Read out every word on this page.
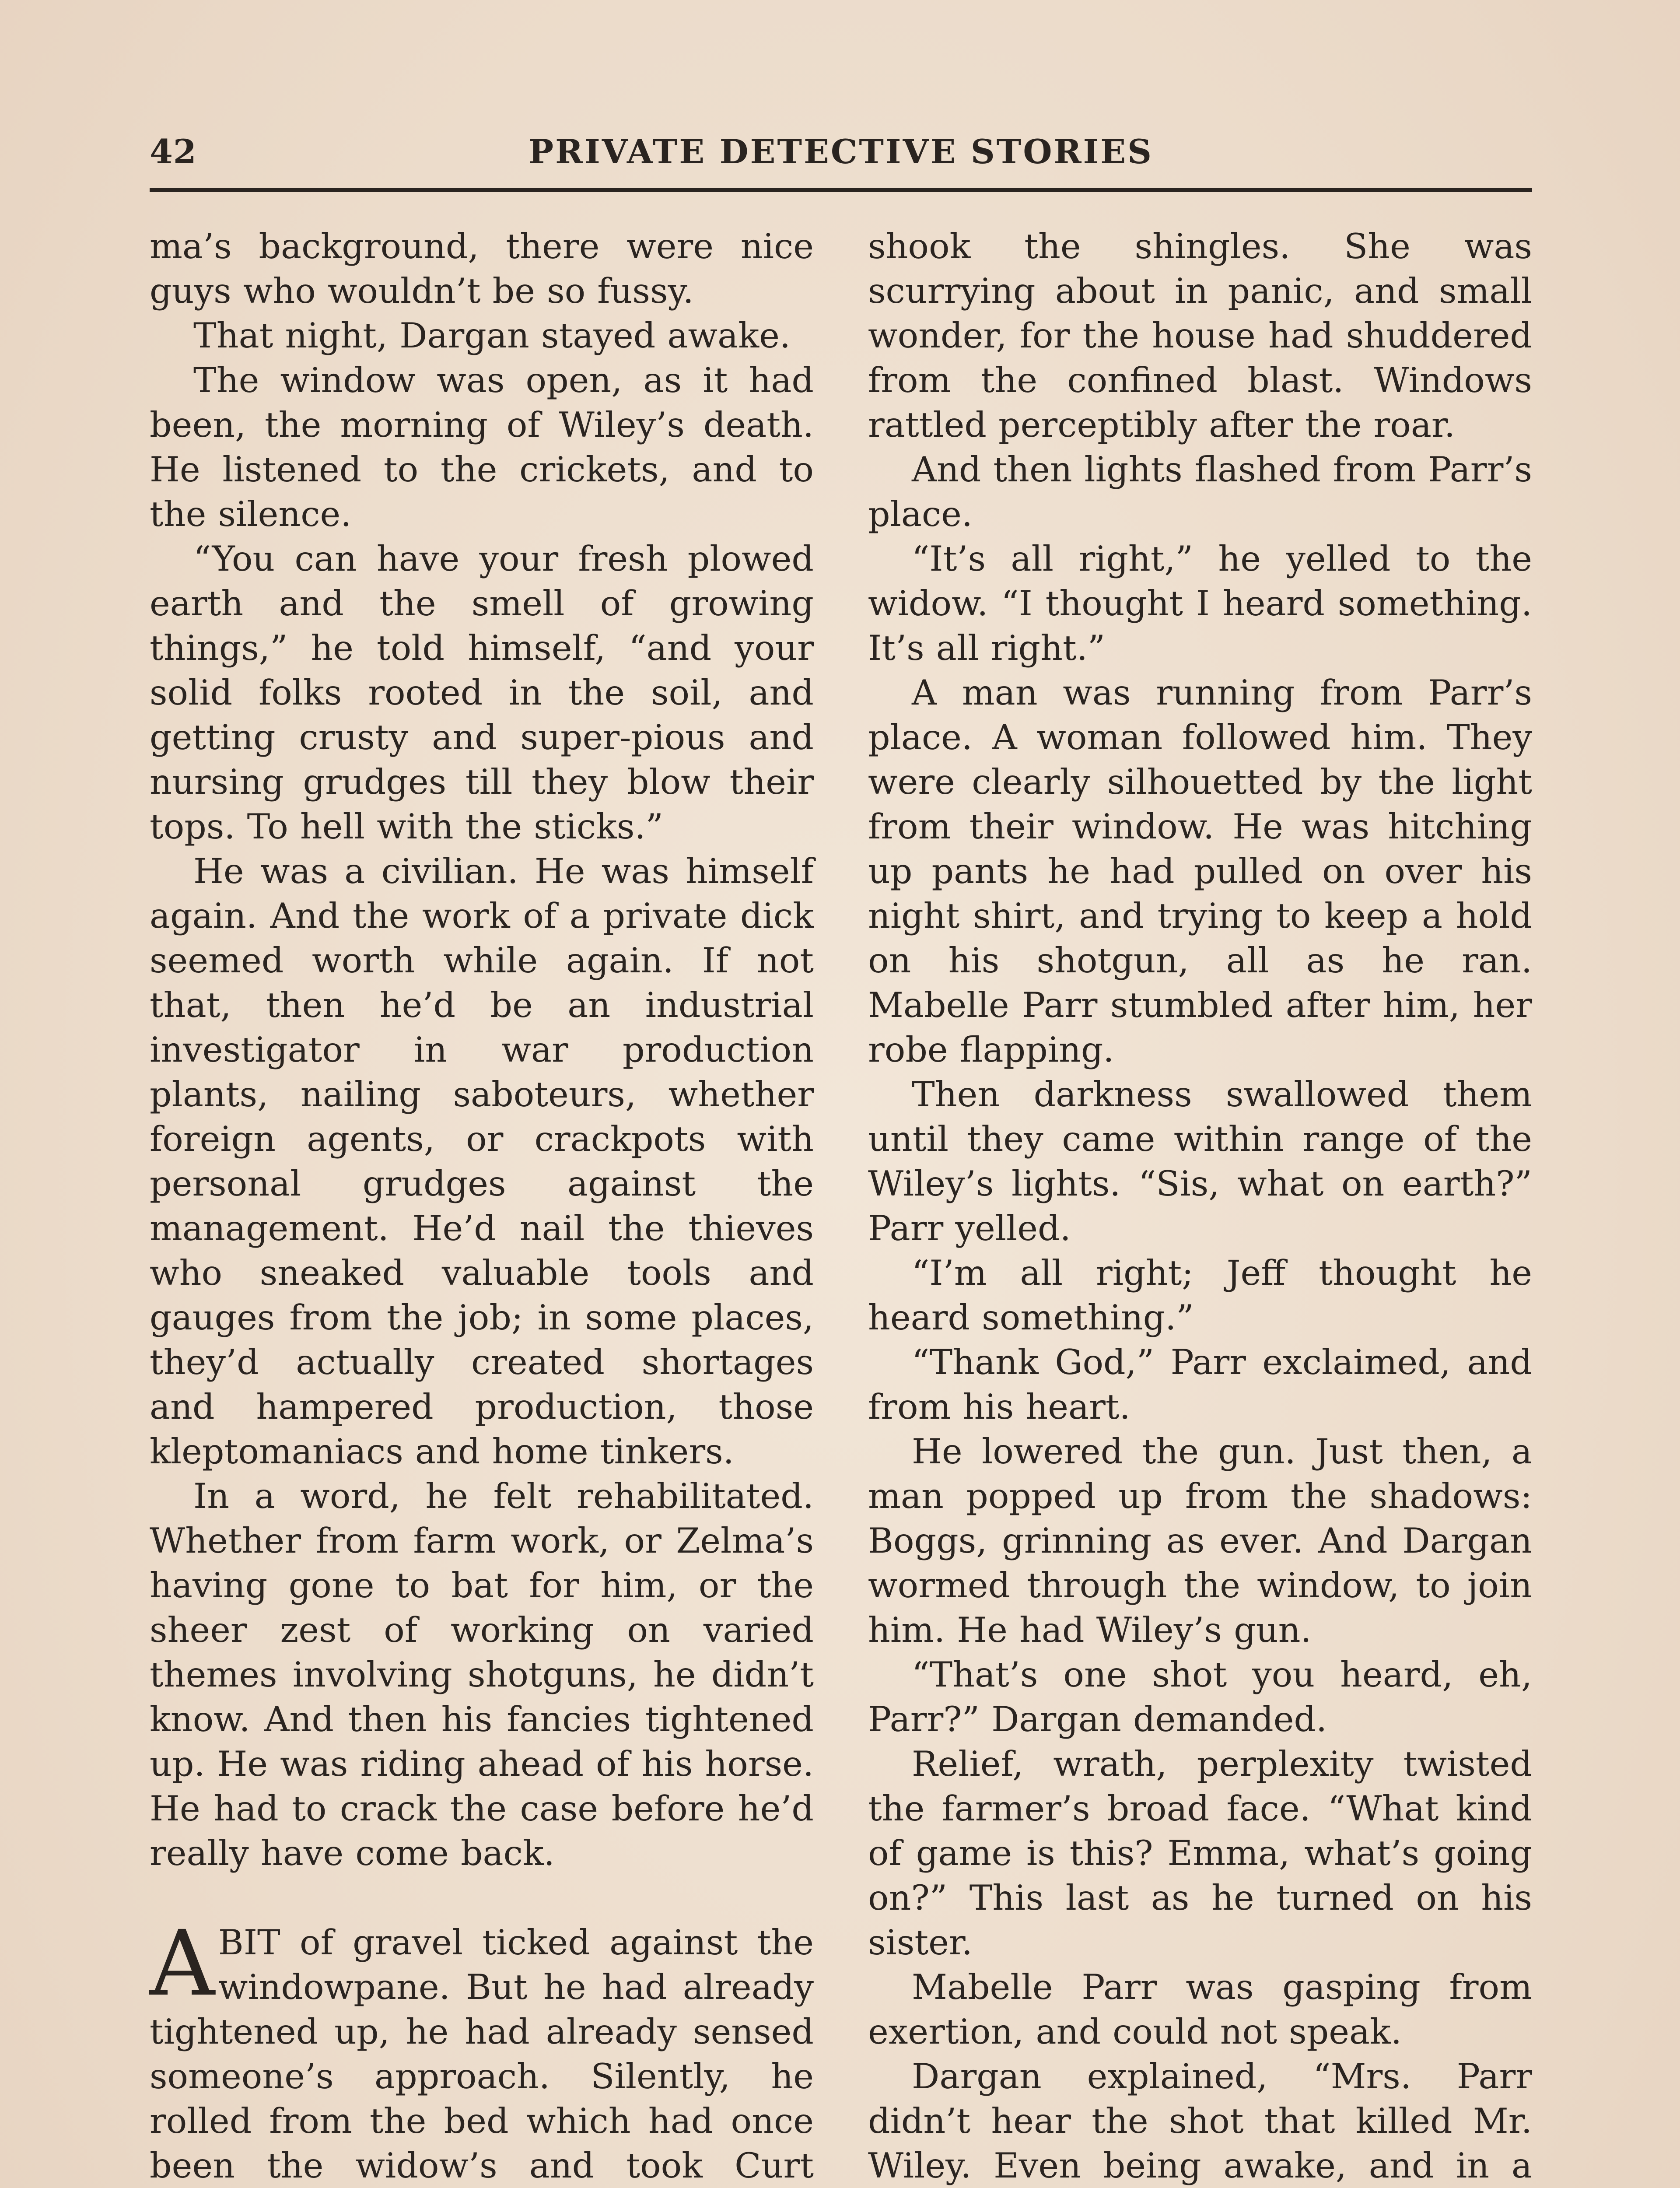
42	PRIVATE DETECTIVE STORIES

ma’s background, there were nice guys who wouldn’t be so fussy.

That night, Dargan stayed awake.

The window was open, as it had been, the morning of Wiley’s death. He listened to the crickets, and to the silence.

“You can have your fresh plowed earth and the smell of growing things,” he told himself, “and your solid folks rooted in the soil, and getting crusty and super-pious and nursing grudges till they blow their tops. To hell with the sticks.”

He was a civilian. He was himself again. And the work of a private dick seemed worth while again. If not that, then he’d be an industrial investigator in war production plants, nailing saboteurs, whether foreign agents, or crackpots with personal grudges against the management. He’d nail the thieves who sneaked valuable tools and gauges from the job; in some places, they’d actually created shortages and hampered production, those kleptomaniacs and home tinkers.

In a word, he felt rehabilitated. Whether from farm work, or Zelma’s having gone to bat for him, or the sheer zest of working on varied themes involving shotguns, he didn’t know. And then his fancies tightened up. He was riding ahead of his horse. He had to crack the case before he’d really have come back.

ABIT of gravel ticked against the windowpane. But he had already tightened up, he had already sensed someone’s approach. Silently, he rolled from the bed which had once been the widow’s and took Curt

shook the shingles. She was scurrying about in panic, and small wonder, for the house had shuddered from the confined blast. Windows rattled perceptibly after the roar.

And then lights flashed from Parr’s place.

“It’s all right,” he yelled to the widow. “I thought I heard something. It’s all right.”

A man was running from Parr’s place. A woman followed him. They were clearly silhouetted by the light from their window. He was hitching up pants he had pulled on over his night shirt, and trying to keep a hold on his shotgun, all as he ran. Mabelle Parr stumbled after him, her robe flapping.

Then darkness swallowed them until they came within range of the Wiley’s lights. “Sis, what on earth?” Parr yelled.

“I’m all right; Jeff thought he heard something.”

“Thank God,” Parr exclaimed, and from his heart.

He lowered the gun. Just then, a man popped up from the shadows: Boggs, grinning as ever. And Dargan wormed through the window, to join him. He had Wiley’s gun.

“That’s one shot you heard, eh, Parr?” Dargan demanded.

Relief, wrath, perplexity twisted the farmer’s broad face. “What kind of game is this? Emma, what’s going on?” This last as he turned on his sister.

Mabelle Parr was gasping from exertion, and could not speak.

Dargan explained, “Mrs. Parr didn’t hear the shot that killed Mr. Wiley. Even being awake, and in a
